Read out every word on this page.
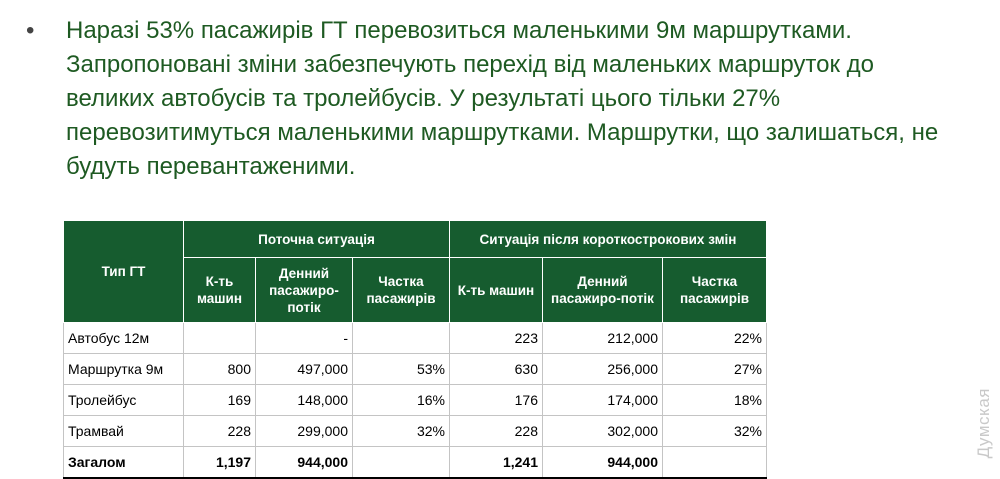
•	Наразі 53% пасажирів ГТ перевозиться маленькими 9м маршрутками. Запропоновані зміни забезпечують перехід від маленьких маршруток до великих автобусів та тролейбусів. У результаті цього тільки 27% перевозитимуться маленькими маршрутками. Маршрутки, що залишаться, не будуть перевантаженими.

Тип ГТ	Поточна ситуація			Ситуація після короткострокових змін		
	К-ть машин	Денний пасажиро-потік	Частка пасажирів	К-ть машин	Денний пасажиро-потік	Частка пасажирів
Автобус 12м		-		223	212,000	22%
Маршрутка 9м	800	497,000	53%	630	256,000	27%
Тролейбус	169	148,000	16%	176	174,000	18%
Трамвай	228	299,000	32%	228	302,000	32%
Загалом	1,197	944,000		1,241	944,000	
Думская
